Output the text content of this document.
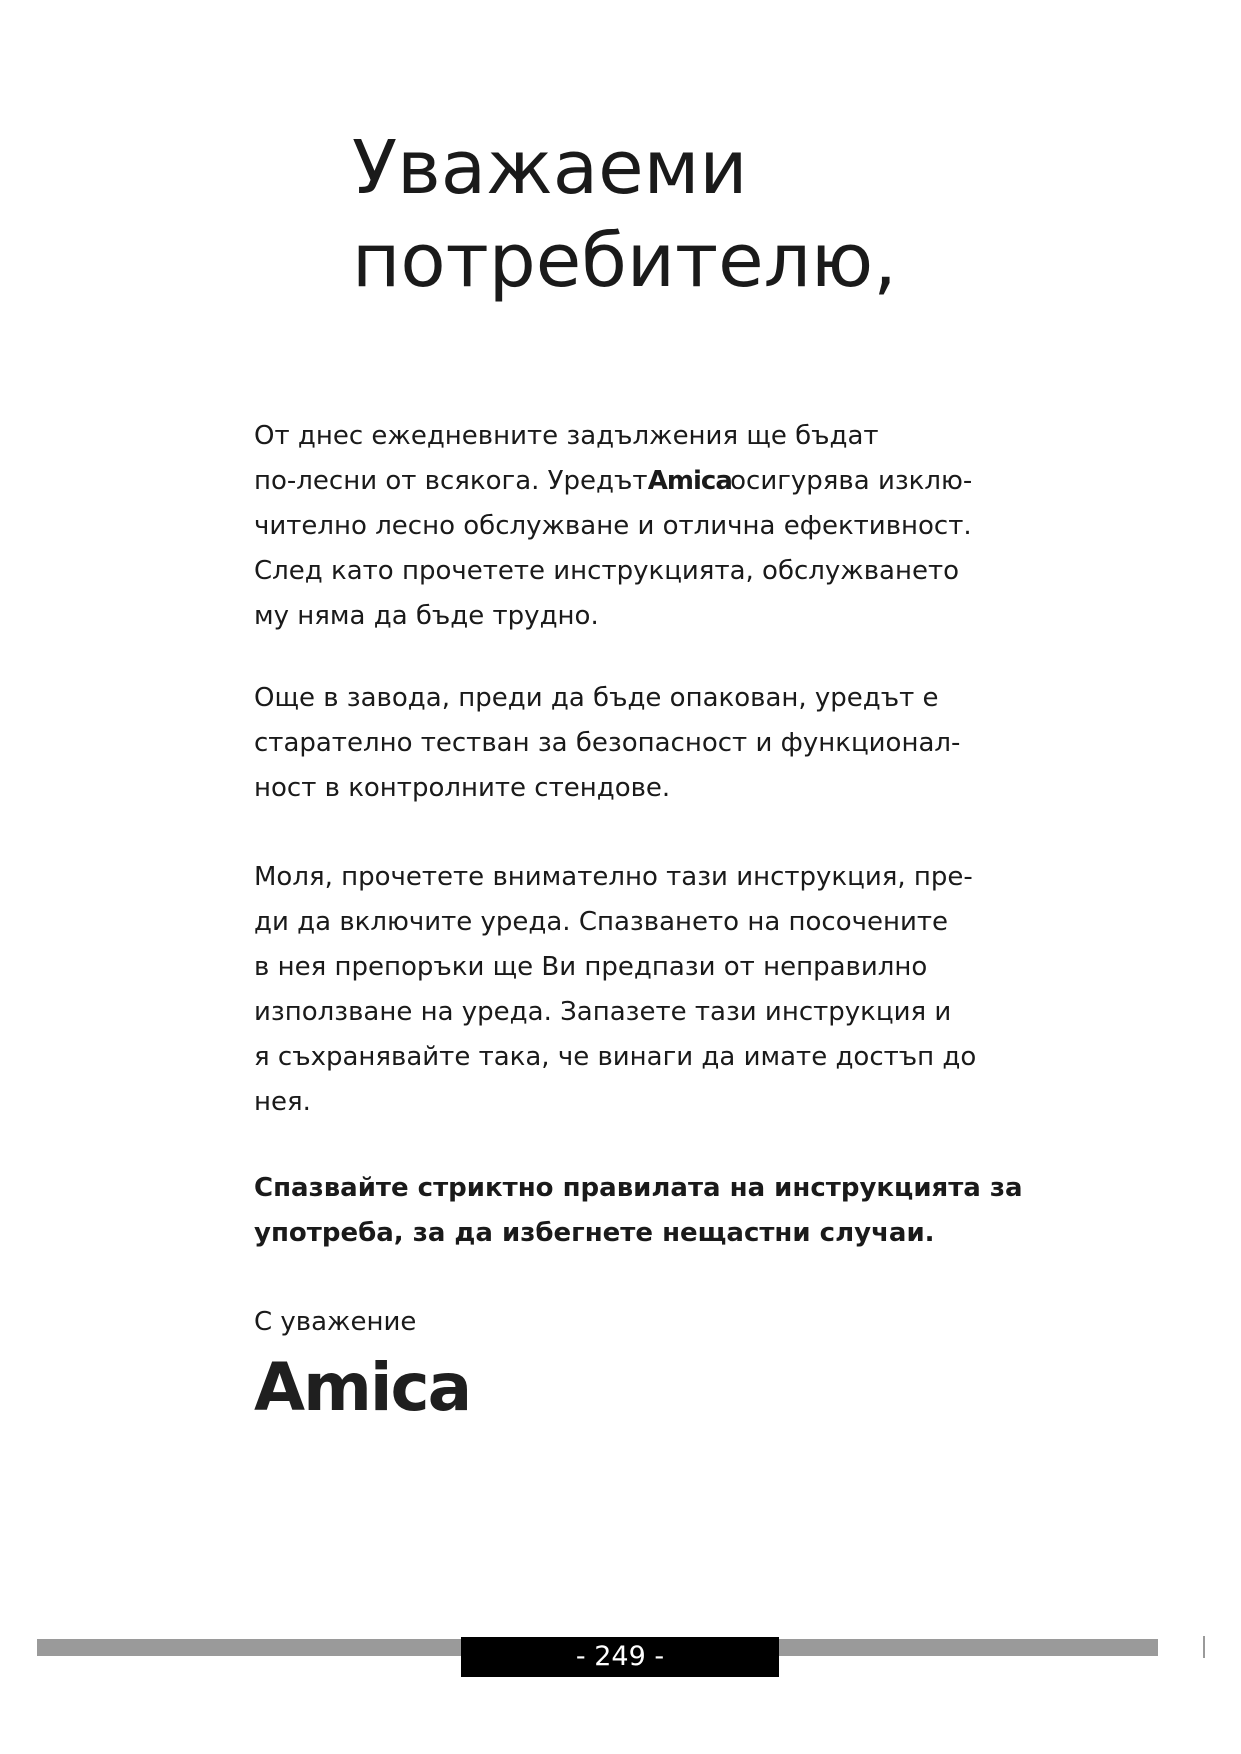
Уважаеми
потребителю,

От днес ежедневните задължения ще бъдат
по-лесни от всякога. Уредът Amica осигурява изклю-
чително лесно обслужване и отлична ефективност.
След като прочетете инструкцията, обслужването
му няма да бъде трудно.

Още в завода, преди да бъде опакован, уредът е
старателно тестван за безопасност и функционал-
ност в контролните стендове.

Моля, прочетете внимателно тази инструкция, пре-
ди да включите уреда. Спазването на посочените
в нея препоръки ще Ви предпази от неправилно
използване на уреда. Запазете тази инструкция и
я съхранявайте така, че винаги да имате достъп до
нея.

Спазвайте стриктно правилата на инструкцията за
употреба, за да избегнете нещастни случаи.

С уважение
Amica
- 249 -
